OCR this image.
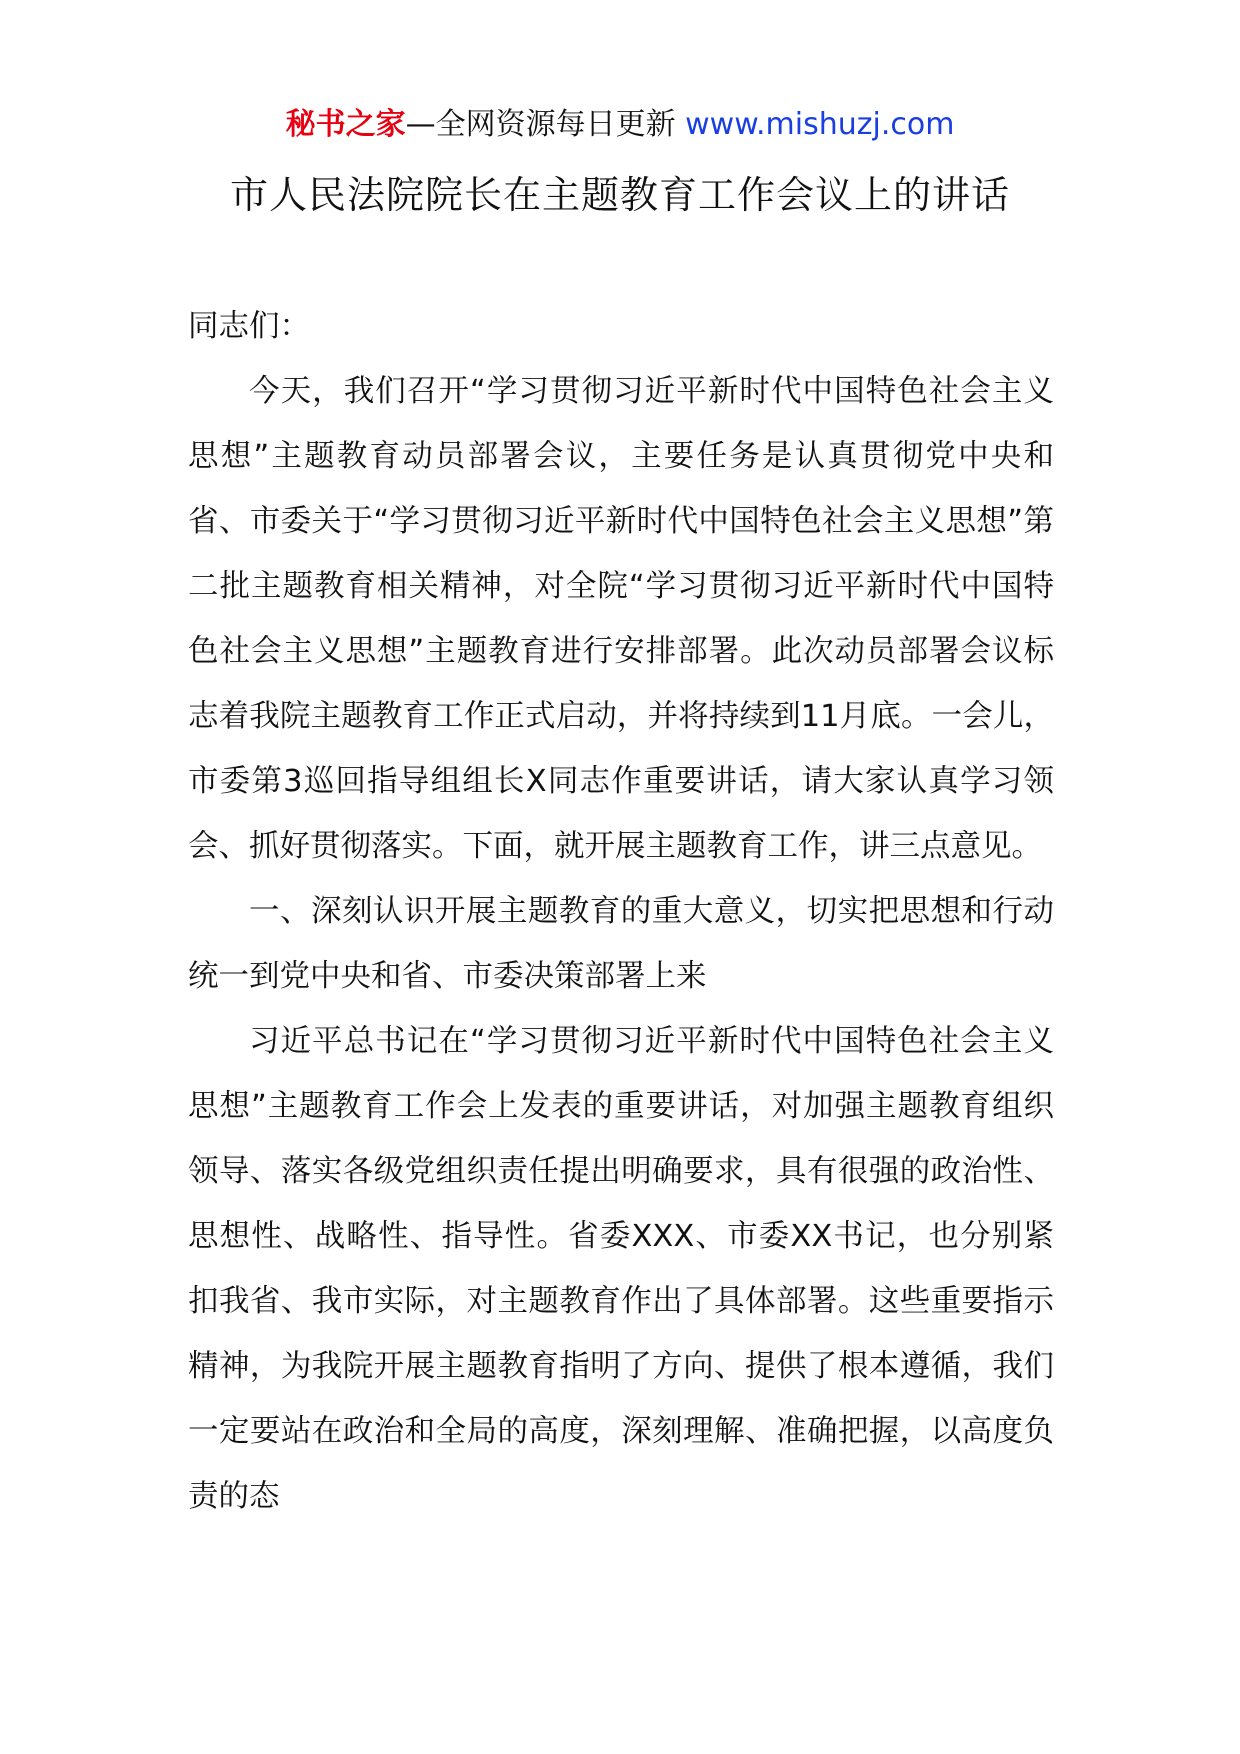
秘书之家—全网资源每日更新 www.mishuzj.com
市人民法院院长在主题教育工作会议上的讲话

同志们：

今天，我们召开“学习贯彻习近平新时代中国特色社会主义思想”主题教育动员部署会议，主要任务是认真贯彻党中央和省、市委关于“学习贯彻习近平新时代中国特色社会主义思想”第二批主题教育相关精神，对全院“学习贯彻习近平新时代中国特色社会主义思想”主题教育进行安排部署。此次动员部署会议标志着我院主题教育工作正式启动，并将持续到11月底。一会儿，市委第3巡回指导组组长X同志作重要讲话，请大家认真学习领会、抓好贯彻落实。下面，就开展主题教育工作，讲三点意见。

一、深刻认识开展主题教育的重大意义，切实把思想和行动统一到党中央和省、市委决策部署上来

习近平总书记在“学习贯彻习近平新时代中国特色社会主义思想”主题教育工作会上发表的重要讲话，对加强主题教育组织领导、落实各级党组织责任提出明确要求，具有很强的政治性、思想性、战略性、指导性。省委XXX、市委XX书记，也分别紧扣我省、我市实际，对主题教育作出了具体部署。这些重要指示精神，为我院开展主题教育指明了方向、提供了根本遵循，我们一定要站在政治和全局的高度，深刻理解、准确把握，以高度负责的态
